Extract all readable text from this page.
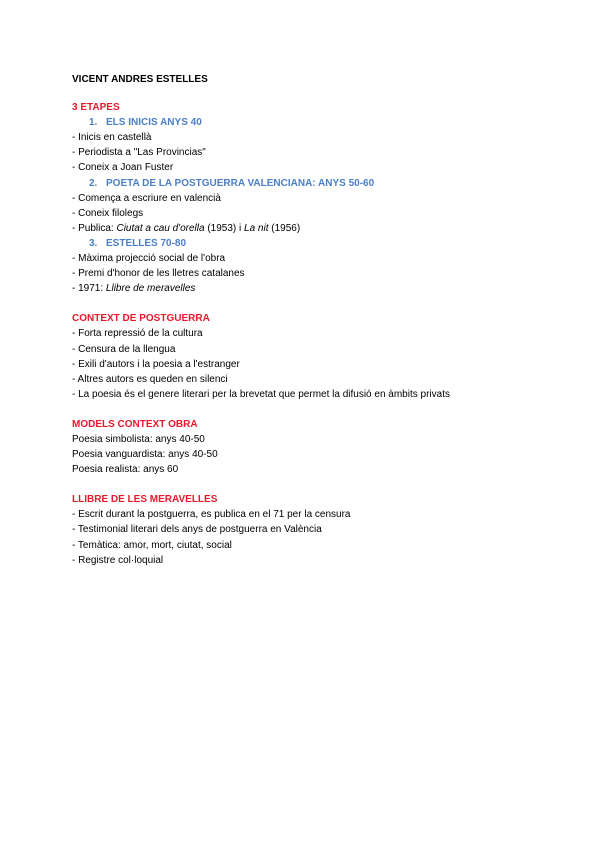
VICENT ANDRES ESTELLES

3 ETAPES

1. ELS INICIS ANYS 40

- Inicis en castellà

- Periodista a "Las Provincias"

- Coneix a Joan Fuster

2. POETA DE LA POSTGUERRA VALENCIANA: ANYS 50-60

- Comença a escriure en valencià

- Coneix filolegs

- Publica: Ciutat a cau d'orella (1953) i La nit (1956)

3. ESTELLES 70-80

- Màxima projecció social de l'obra

- Premi d'honor de les lletres catalanes

- 1971: Llibre de meravelles

CONTEXT DE POSTGUERRA

- Forta repressió de la cultura

- Censura de la llengua

- Exili d'autors i la poesia a l'estranger

- Altres autors es queden en silenci

- La poesia és el genere literari per la brevetat que permet la difusió en àmbits privats

MODELS CONTEXT OBRA

Poesia simbolista: anys 40-50

Poesia vanguardista: anys 40-50

Poesia realista: anys 60

LLIBRE DE LES MERAVELLES

- Escrit durant la postguerra, es publica en el 71 per la censura

- Testimonial literari dels anys de postguerra en València

- Temàtica: amor, mort, ciutat, social

- Registre col·loquial
